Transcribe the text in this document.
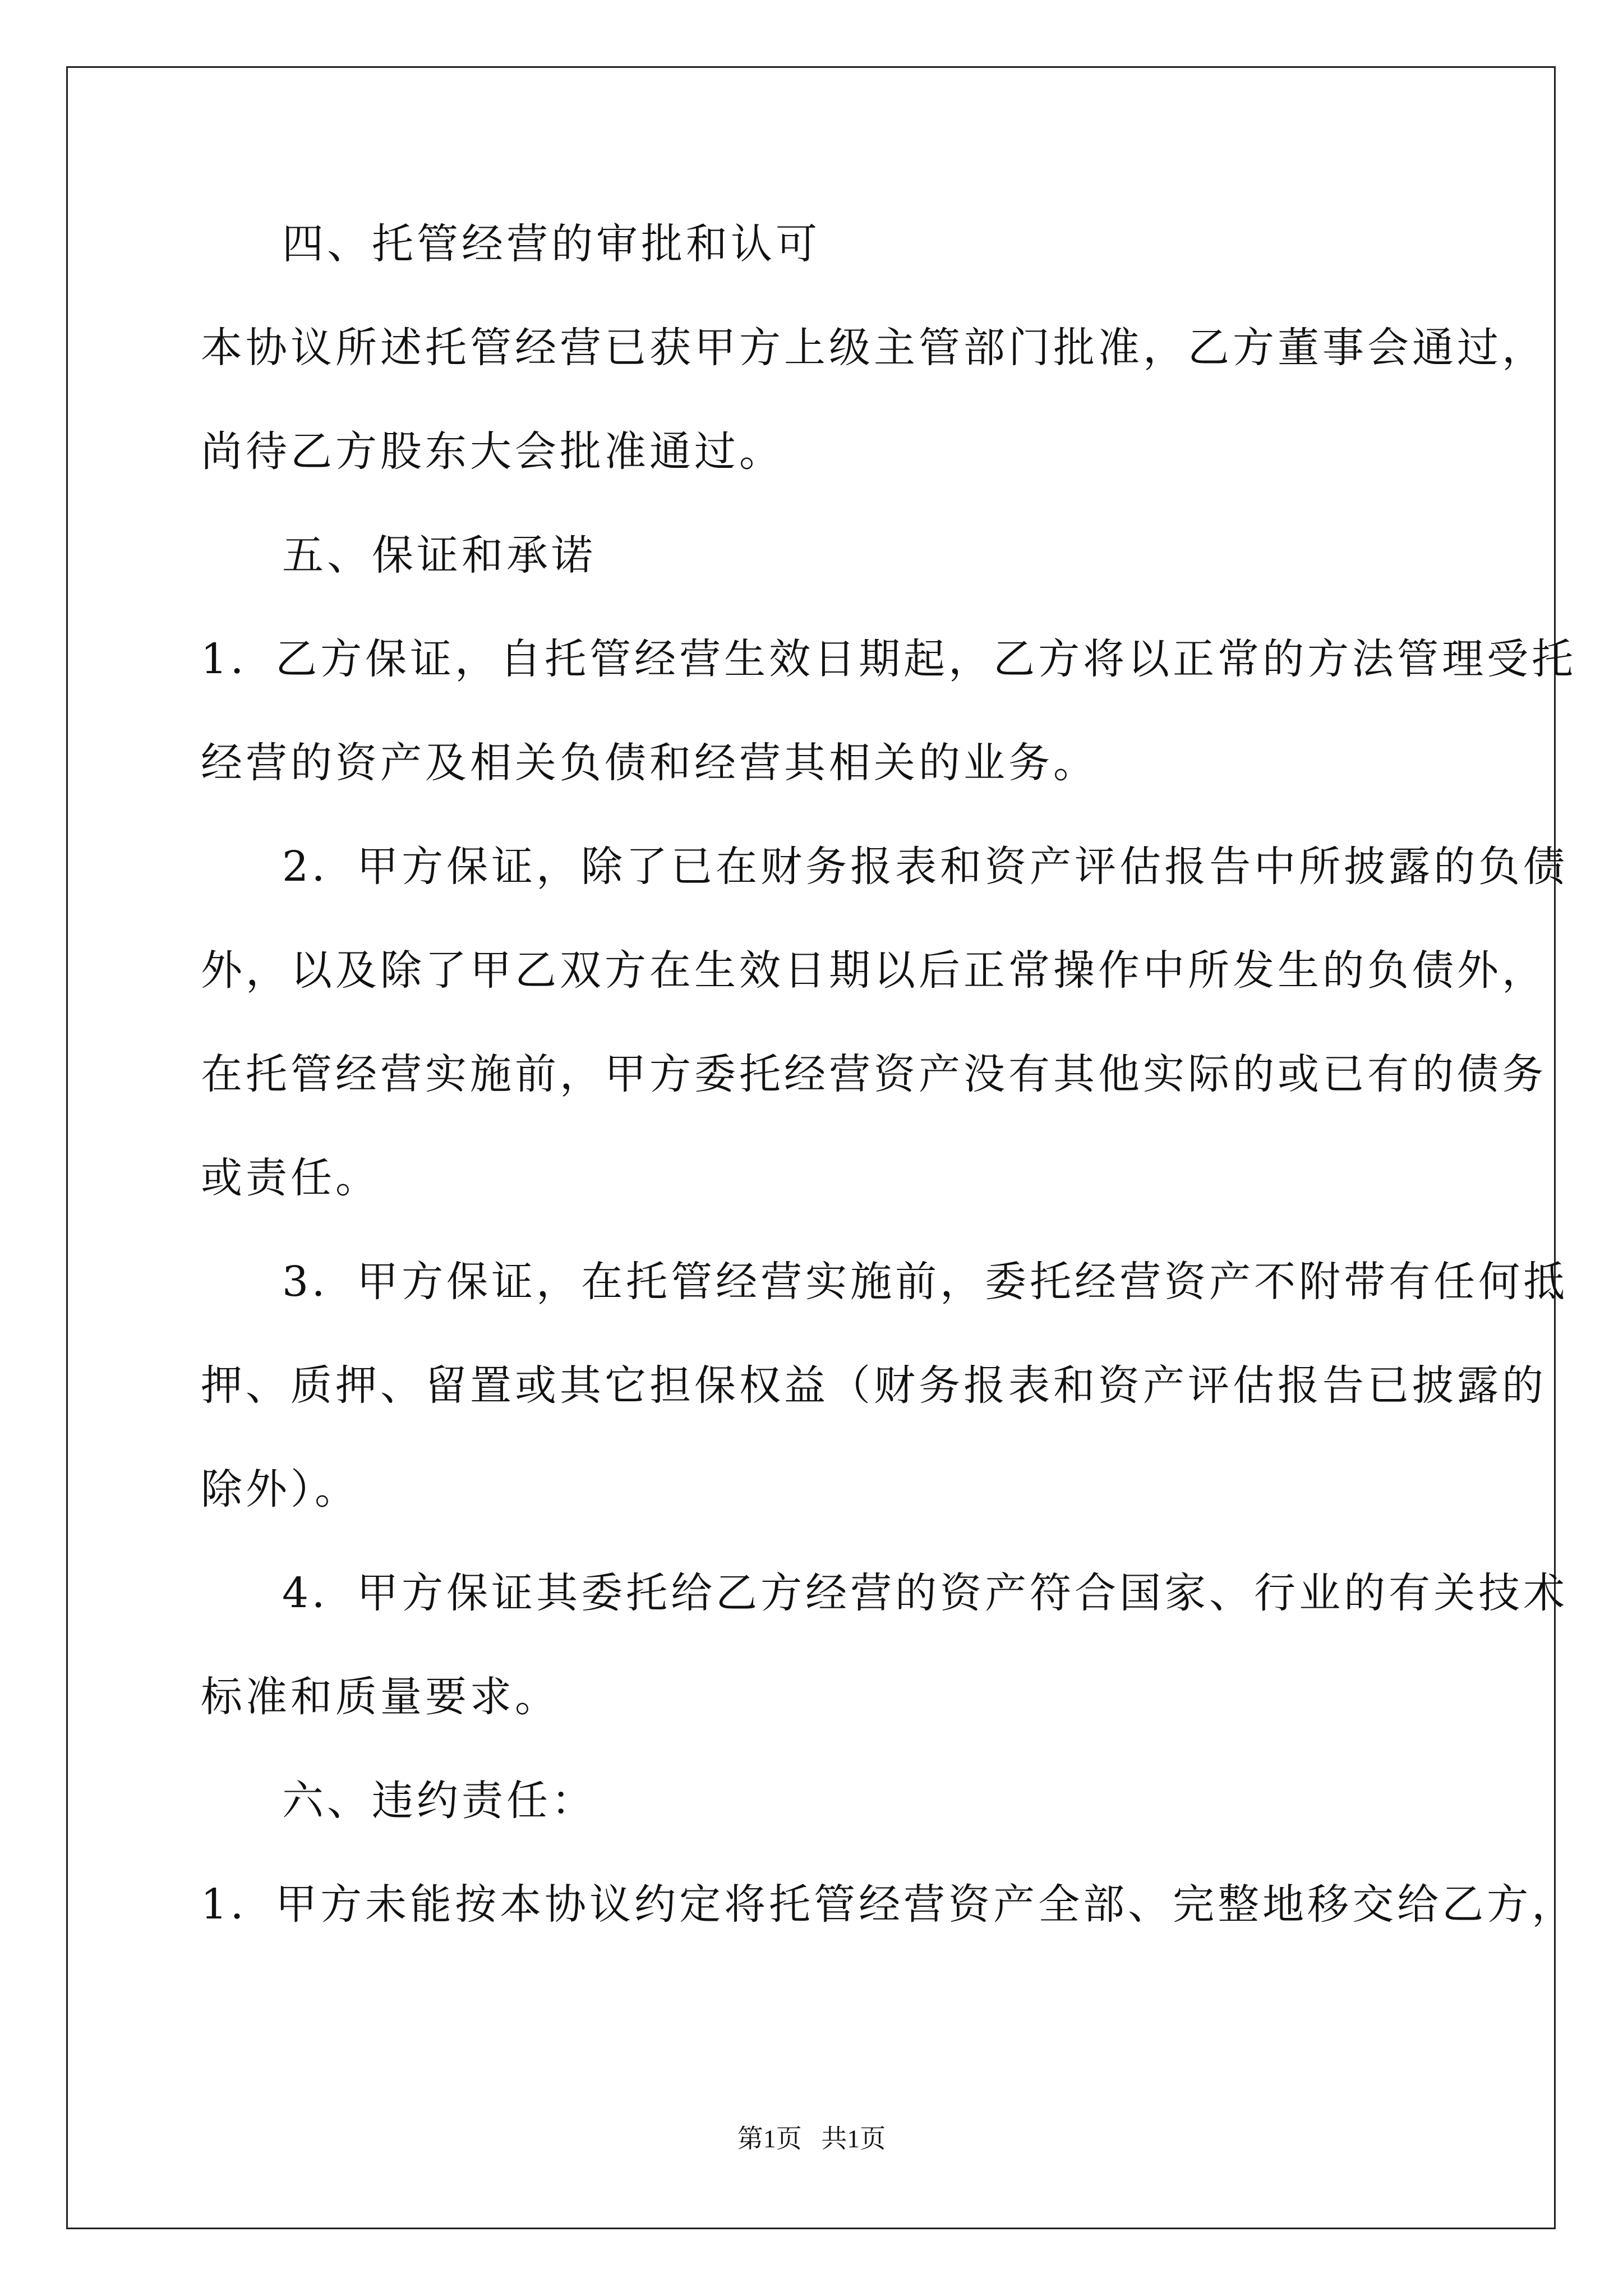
四、托管经营的审批和认可
本协议所述托管经营已获甲方上级主管部门批准，乙方董事会通过，
尚待乙方股东大会批准通过。
五、保证和承诺
1．乙方保证，自托管经营生效日期起，乙方将以正常的方法管理受托
经营的资产及相关负债和经营其相关的业务。
2．甲方保证，除了已在财务报表和资产评估报告中所披露的负债
外，以及除了甲乙双方在生效日期以后正常操作中所发生的负债外，
在托管经营实施前，甲方委托经营资产没有其他实际的或已有的债务
或责任。
3．甲方保证，在托管经营实施前，委托经营资产不附带有任何抵
押、质押、留置或其它担保权益（财务报表和资产评估报告已披露的
除外）。
4．甲方保证其委托给乙方经营的资产符合国家、行业的有关技术
标准和质量要求。
六、违约责任：
1．甲方未能按本协议约定将托管经营资产全部、完整地移交给乙方，
第1页   共1页
